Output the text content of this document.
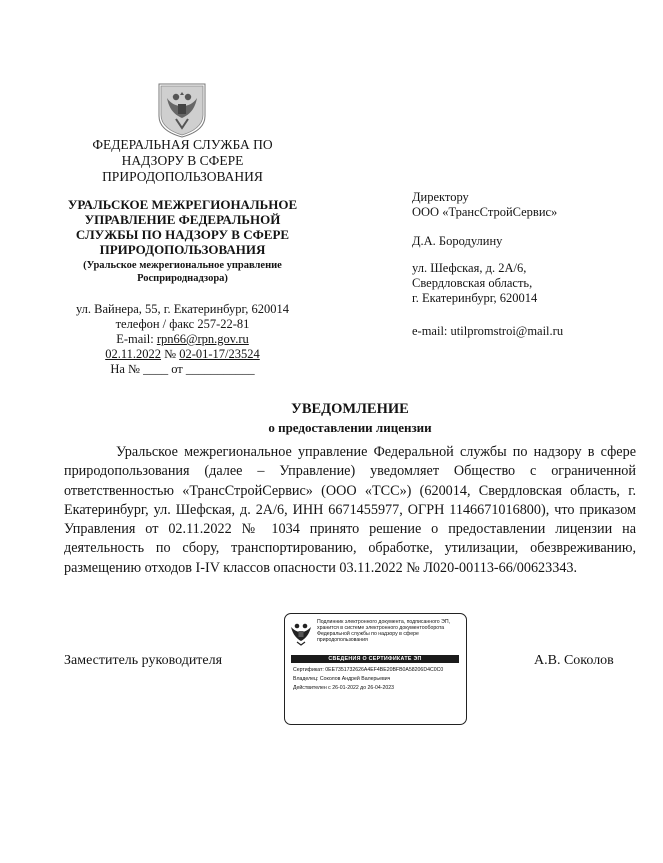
ФЕДЕРАЛЬНАЯ СЛУЖБА ПО
НАДЗОРУ В СФЕРЕ
ПРИРОДОПОЛЬЗОВАНИЯ
УРАЛЬСКОЕ МЕЖРЕГИОНАЛЬНОЕ
УПРАВЛЕНИЕ ФЕДЕРАЛЬНОЙ
СЛУЖБЫ ПО НАДЗОРУ В СФЕРЕ
ПРИРОДОПОЛЬЗОВАНИЯ
(Уральское межрегиональное управление
Росприроднадзора)
ул. Вайнера, 55, г. Екатеринбург, 620014
телефон / факс 257-22-81
E-mail: rpn66@rpn.gov.ru
02.11.2022 № 02-01-17/23524
На № ____ от ___________
Директору
ООО «ТрансСтройСервис»
Д.А. Бородулину
ул. Шефская, д. 2А/6,
Свердловская область,
г. Екатеринбург, 620014
e-mail: utilpromstroi@mail.ru
УВЕДОМЛЕНИЕ
о предоставлении лицензии
Уральское межрегиональное управление Федеральной службы по надзору в сфере природопользования (далее – Управление) уведомляет Общество с ограниченной ответственностью «ТрансСтройСервис» (ООО «ТСС») (620014, Свердловская область, г. Екатеринбург, ул. Шефская, д. 2А/6, ИНН 6671455977, ОГРН 1146671016800), что приказом Управления от 02.11.2022 № 1034 принято решение о предоставлении лицензии на деятельность по сбору, транспортированию, обработке, утилизации, обезвреживанию, размещению отходов I-IV классов опасности 03.11.2022 № Л020-00113-66/00623343.
Заместитель руководителя	А.В. Соколов
Подлинник электронного документа, подписанного ЭП,
хранится в системе электронного документооборота
Федеральной службы по надзору в сфере
природопользования
СВЕДЕНИЯ О СЕРТИФИКАТЕ ЭП
Сертификат: 0EE7351732626A4EF4BE20BFB0A58206D4C0C0
Владелец: Соколов Андрей Валерьевич
Действителен с 26-01-2022 до 26-04-2023
